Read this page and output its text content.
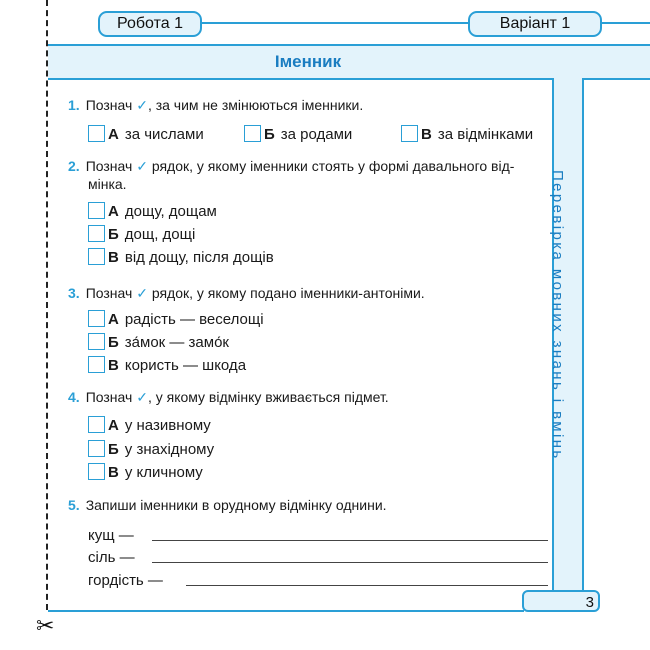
✂
Робота 1	Варіант 1
Іменник
Перевірка мовних знань і вмінь
3
1. Познач ✓, за чим не змінюються іменники.
А за числами	Б за родами	В за відмінками
2. Познач ✓ рядок, у якому іменники стоять у формі давального від-
мінка.
А дощу, дощам
Б дощ, дощі
В від дощу, після дощів
3. Познач ✓ рядок, у якому подано іменники-антоніми.
А радість — веселощі
Б за́мок — замо́к
В користь — шкода
4. Познач ✓, у якому відмінку вживається підмет.
А у називному
Б у знахідному
В у кличному
5. Запиши іменники в орудному відмінку однини.
кущ —
сіль —
гордість —
